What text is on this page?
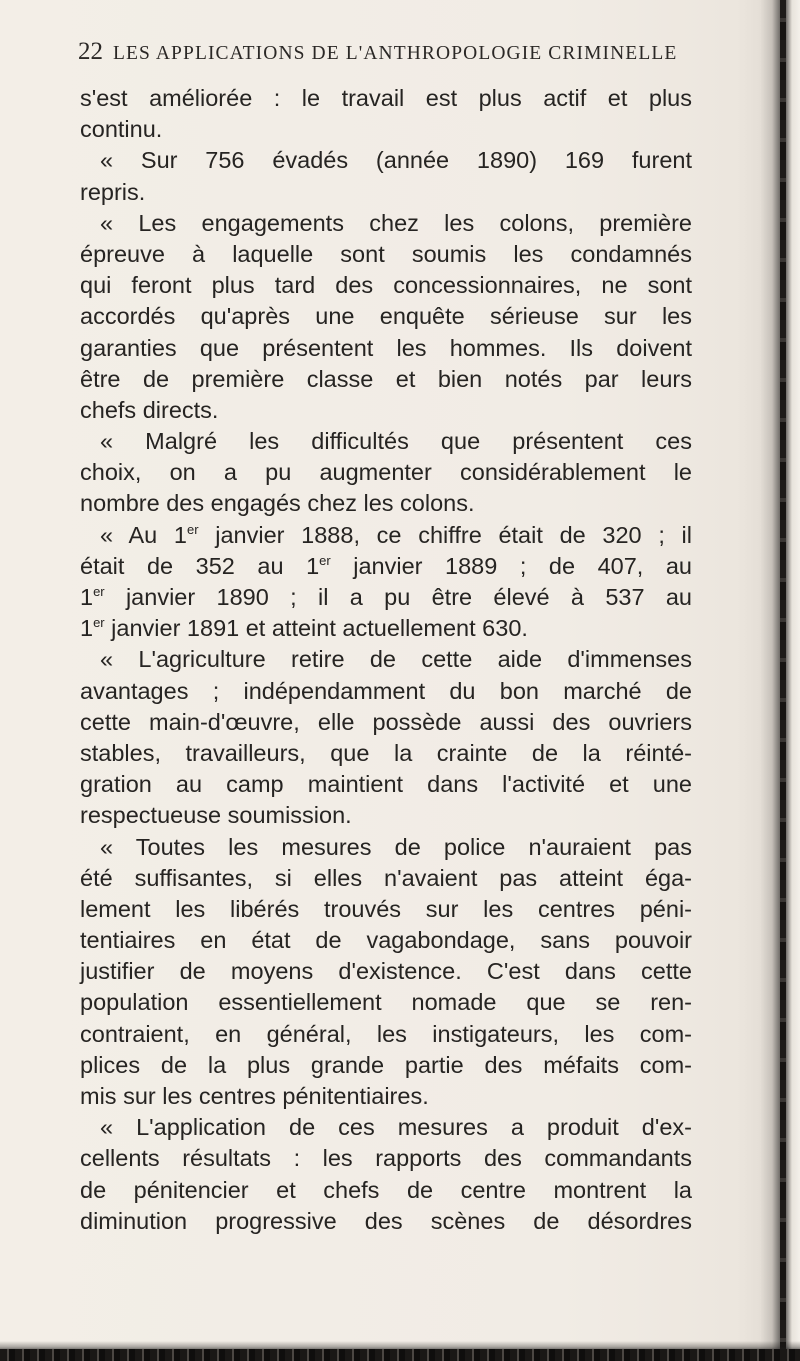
22 LES APPLICATIONS DE L'ANTHROPOLOGIE CRIMINELLE
s'est améliorée : le travail est plus actif et plus
continu.
« Sur 756 évadés (année 1890) 169 furent
repris.
« Les engagements chez les colons, première
épreuve à laquelle sont soumis les condamnés
qui feront plus tard des concessionnaires, ne sont
accordés qu'après une enquête sérieuse sur les
garanties que présentent les hommes. Ils doivent
être de première classe et bien notés par leurs
chefs directs.
« Malgré les difficultés que présentent ces
choix, on a pu augmenter considérablement le
nombre des engagés chez les colons.
« Au 1er janvier 1888, ce chiffre était de 320 ; il
était de 352 au 1er janvier 1889 ; de 407, au
1er janvier 1890 ; il a pu être élevé à 537 au
1er janvier 1891 et atteint actuellement 630.
« L'agriculture retire de cette aide d'immenses
avantages ; indépendamment du bon marché de
cette main-d'œuvre, elle possède aussi des ouvriers
stables, travailleurs, que la crainte de la réinté-
gration au camp maintient dans l'activité et une
respectueuse soumission.
« Toutes les mesures de police n'auraient pas
été suffisantes, si elles n'avaient pas atteint éga-
lement les libérés trouvés sur les centres péni-
tentiaires en état de vagabondage, sans pouvoir
justifier de moyens d'existence. C'est dans cette
population essentiellement nomade que se ren-
contraient, en général, les instigateurs, les com-
plices de la plus grande partie des méfaits com-
mis sur les centres pénitentiaires.
« L'application de ces mesures a produit d'ex-
cellents résultats : les rapports des commandants
de pénitencier et chefs de centre montrent la
diminution progressive des scènes de désordres
